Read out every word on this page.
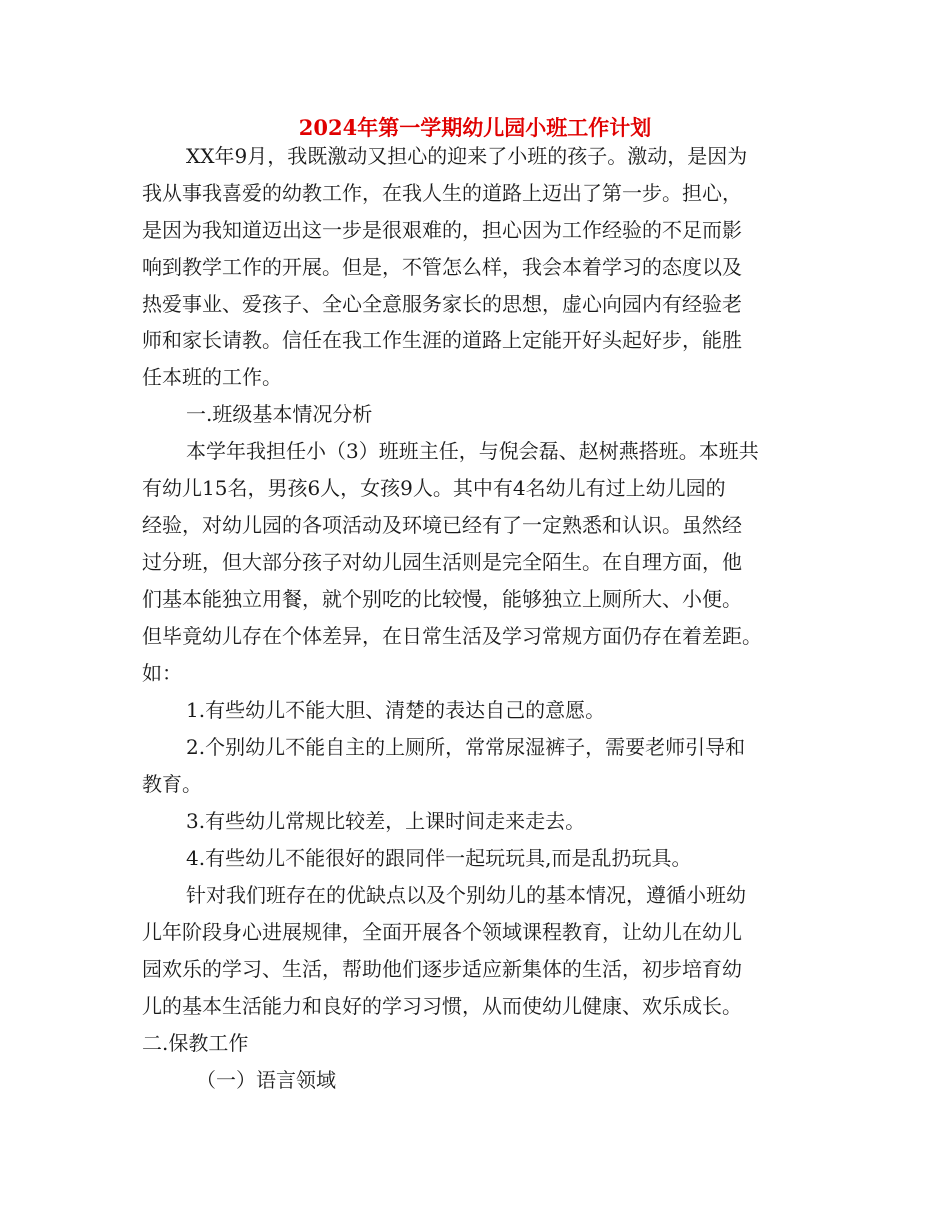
2024年第一学期幼儿园小班工作计划
XX年9月，我既激动又担心的迎来了小班的孩子。激动，是因为
我从事我喜爱的幼教工作，在我人生的道路上迈出了第一步。担心，
是因为我知道迈出这一步是很艰难的，担心因为工作经验的不足而影
响到教学工作的开展。但是，不管怎么样，我会本着学习的态度以及
热爱事业、爱孩子、全心全意服务家长的思想，虚心向园内有经验老
师和家长请教。信任在我工作生涯的道路上定能开好头起好步，能胜
任本班的工作。
一.班级基本情况分析
本学年我担任小（3）班班主任，与倪会磊、赵树燕搭班。本班共
有幼儿15名，男孩6人，女孩9人。其中有4名幼儿有过上幼儿园的
经验，对幼儿园的各项活动及环境已经有了一定熟悉和认识。虽然经
过分班，但大部分孩子对幼儿园生活则是完全陌生。在自理方面，他
们基本能独立用餐，就个别吃的比较慢，能够独立上厕所大、小便。
但毕竟幼儿存在个体差异，在日常生活及学习常规方面仍存在着差距。
如：
1.有些幼儿不能大胆、清楚的表达自己的意愿。
2.个别幼儿不能自主的上厕所，常常尿湿裤子，需要老师引导和
教育。
3.有些幼儿常规比较差，上课时间走来走去。
4.有些幼儿不能很好的跟同伴一起玩玩具,而是乱扔玩具。
针对我们班存在的优缺点以及个别幼儿的基本情况，遵循小班幼
儿年阶段身心进展规律，全面开展各个领域课程教育，让幼儿在幼儿
园欢乐的学习、生活，帮助他们逐步适应新集体的生活，初步培育幼
儿的基本生活能力和良好的学习习惯，从而使幼儿健康、欢乐成长。
二.保教工作
（一）语言领域
